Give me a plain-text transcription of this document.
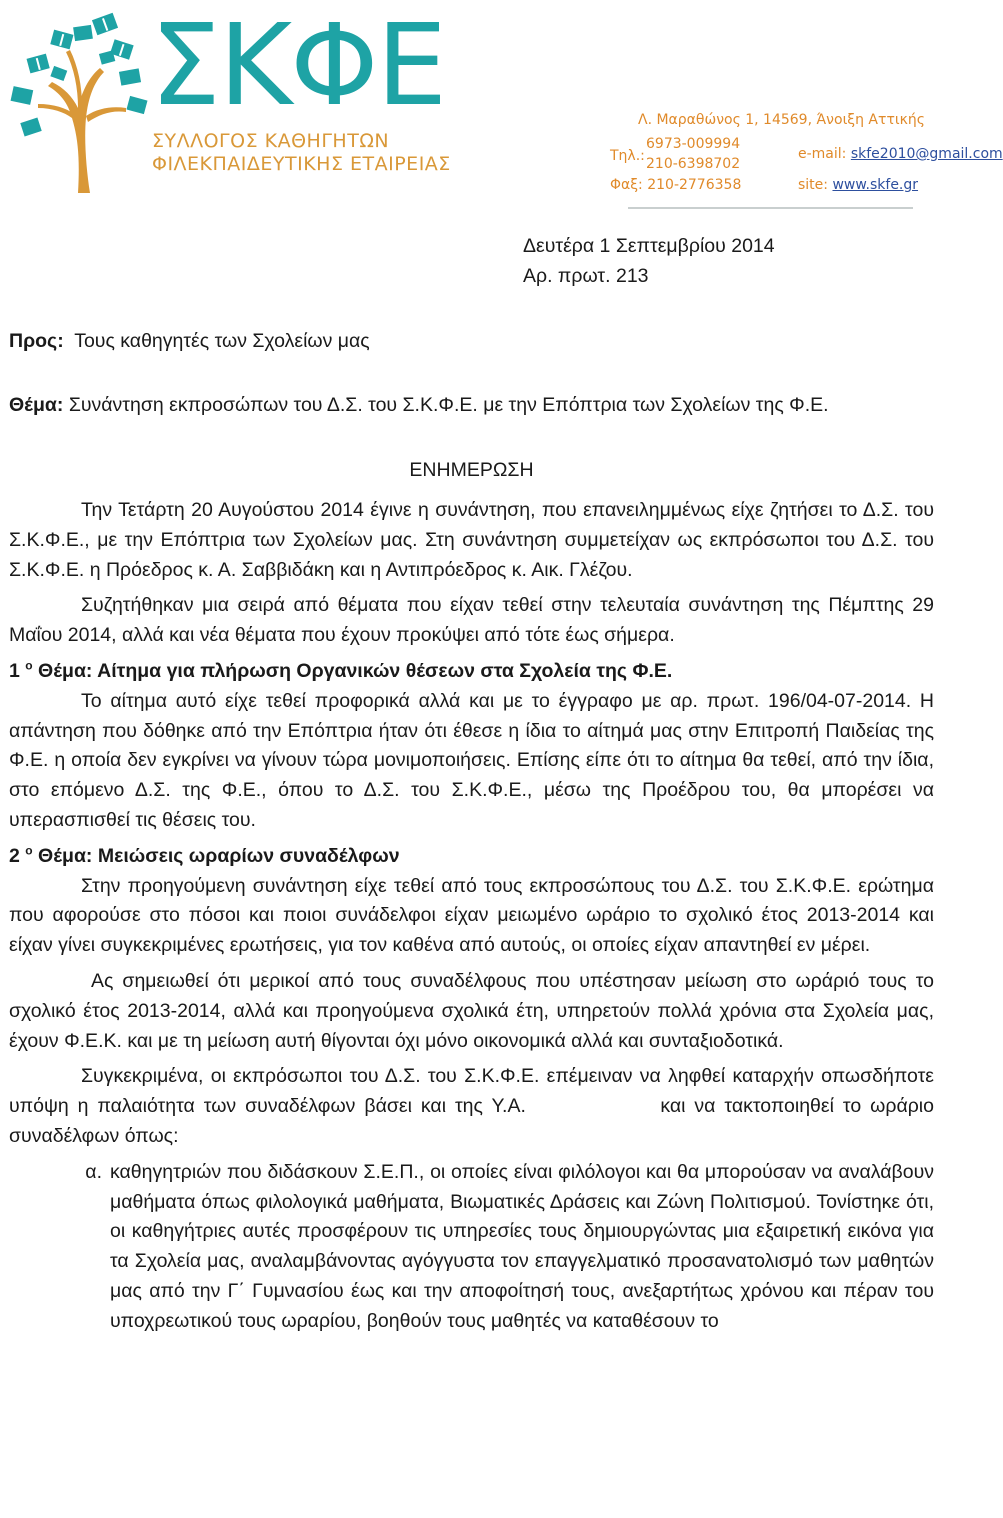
ΣΚΦΕ
ΣΥΛΛΟΓΟΣ ΚΑΘΗΓΗΤΩΝ
ΦΙΛΕΚΠΑΙΔΕΥΤΙΚΗΣ ΕΤΑΙΡΕΙΑΣ
Λ. Μαραθώνος 1, 14569, Άνοιξη Αττικής
Τηλ.:
6973-009994
210-6398702
e-mail: skfe2010@gmail.com
Φαξ: 210-2776358	site: www.skfe.gr

Δευτέρα 1 Σεπτεμβρίου 2014

Αρ. πρωτ. 213

Προς: Τους καθηγητές των Σχολείων μας

Θέμα: Συνάντηση εκπροσώπων του Δ.Σ. του Σ.Κ.Φ.Ε. με την Επόπτρια των Σχολείων της Φ.Ε.

ΕΝΗΜΕΡΩΣΗ

Την Τετάρτη 20 Αυγούστου 2014 έγινε η συνάντηση, που επανειλημμένως είχε ζητήσει το Δ.Σ. του Σ.Κ.Φ.Ε., με την Επόπτρια των Σχολείων μας. Στη συνάντηση συμμετείχαν ως εκπρόσωποι του Δ.Σ. του Σ.Κ.Φ.Ε. η Πρόεδρος κ. Α. Σαββιδάκη και η Αντιπρόεδρος κ. Αικ. Γλέζου.

Συζητήθηκαν μια σειρά από θέματα που είχαν τεθεί στην τελευταία συνάντηση της Πέμπτης 29 Μαΐου 2014, αλλά και νέα θέματα που έχουν προκύψει από τότε έως σήμερα.

1 $^o$ Θέμα: Αίτημα για πλήρωση Οργανικών θέσεων στα Σχολεία της Φ.Ε.

Το αίτημα αυτό είχε τεθεί προφορικά αλλά και με το έγγραφο με αρ. πρωτ. 196/04-07-2014. Η απάντηση που δόθηκε από την Επόπτρια ήταν ότι έθεσε η ίδια το αίτημά μας στην Επιτροπή Παιδείας της Φ.Ε. η οποία δεν εγκρίνει να γίνουν τώρα μονιμοποιήσεις. Επίσης είπε ότι το αίτημα θα τεθεί, από την ίδια, στο επόμενο Δ.Σ. της Φ.Ε., όπου το Δ.Σ. του Σ.Κ.Φ.Ε., μέσω της Προέδρου του, θα μπορέσει να υπερασπισθεί τις θέσεις του.

2 $^o$ Θέμα: Μειώσεις ωραρίων συναδέλφων

Στην προηγούμενη συνάντηση είχε τεθεί από τους εκπροσώπους του Δ.Σ. του Σ.Κ.Φ.Ε. ερώτημα που αφορούσε στο πόσοι και ποιοι συνάδελφοι είχαν μειωμένο ωράριο το σχολικό έτος 2013-2014 και είχαν γίνει συγκεκριμένες ερωτήσεις, για τον καθένα από αυτούς, οι οποίες είχαν απαντηθεί εν μέρει.

Ας σημειωθεί ότι μερικοί από τους συναδέλφους που υπέστησαν μείωση στο ωράριό τους το σχολικό έτος 2013-2014, αλλά και προηγούμενα σχολικά έτη, υπηρετούν πολλά χρόνια στα Σχολεία μας, έχουν Φ.Ε.Κ. και με τη μείωση αυτή θίγονται όχι μόνο οικονομικά αλλά και συνταξιοδοτικά.

Συγκεκριμένα, οι εκπρόσωποι του Δ.Σ. του Σ.Κ.Φ.Ε. επέμειναν να ληφθεί καταρχήν οπωσδήποτε υπόψη η παλαιότητα των συναδέλφων βάσει και της Υ.Α.               και να τακτοποιηθεί το ωράριο συναδέλφων όπως:

α. καθηγητριών που διδάσκουν Σ.Ε.Π., οι οποίες είναι φιλόλογοι και θα μπορούσαν να αναλάβουν μαθήματα όπως φιλολογικά μαθήματα, Βιωματικές Δράσεις και Ζώνη Πολιτισμού. Τονίστηκε ότι, οι καθηγήτριες αυτές προσφέρουν τις υπηρεσίες τους δημιουργώντας μια εξαιρετική εικόνα για τα Σχολεία μας, αναλαμβάνοντας αγόγγυστα τον επαγγελματικό προσανατολισμό των μαθητών μας από την Γ΄ Γυμνασίου έως και την αποφοίτησή τους, ανεξαρτήτως χρόνου και πέραν του υποχρεωτικού τους ωραρίου, βοηθούν τους μαθητές να καταθέσουν το
